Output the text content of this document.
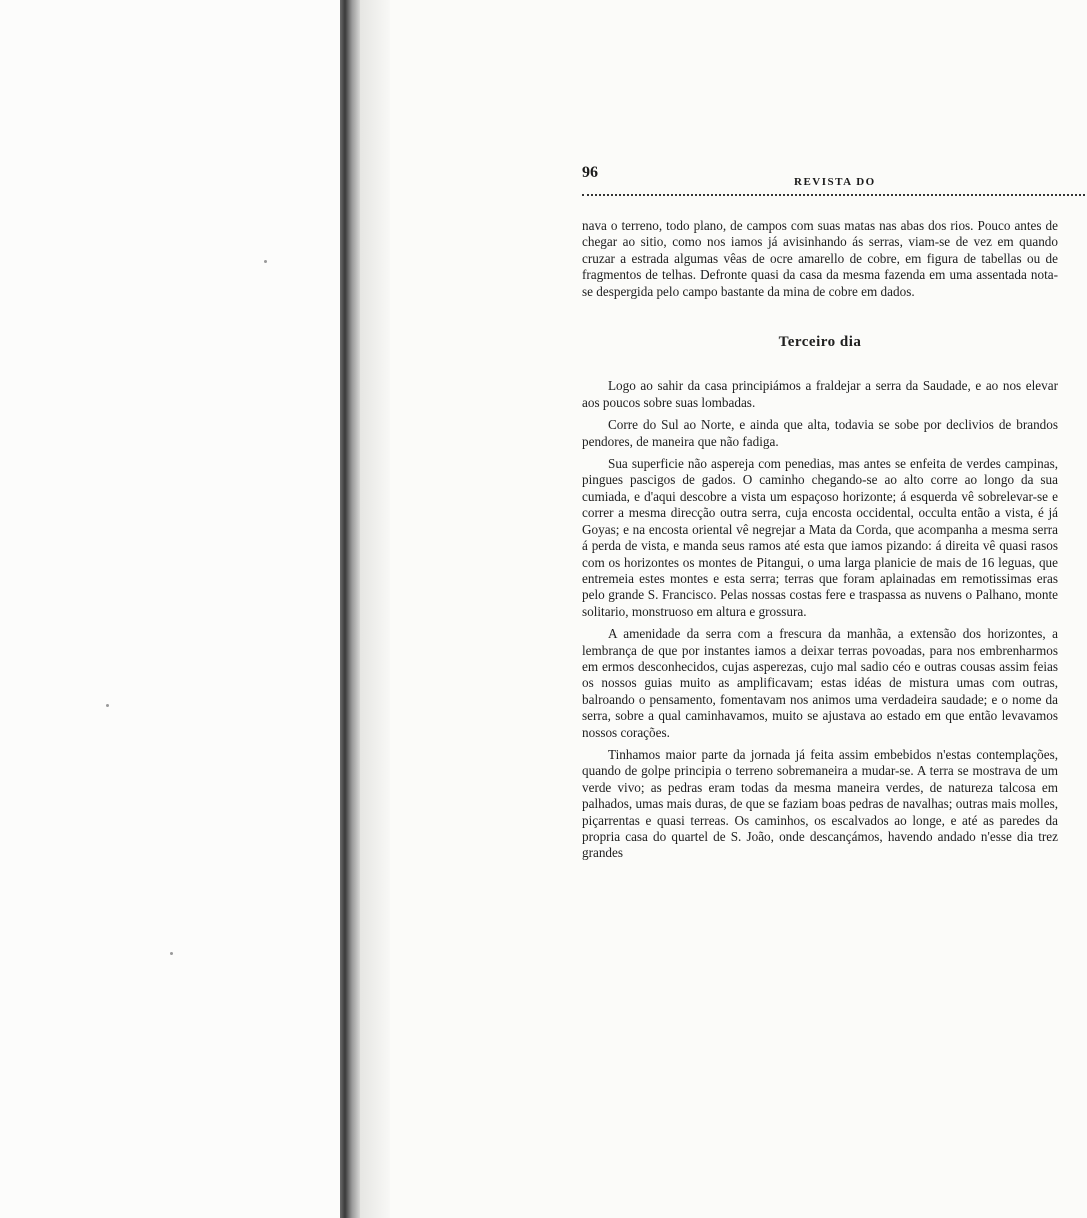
96
REVISTA DO

nava o terreno, todo plano, de campos com suas matas nas abas dos rios. Pouco antes de chegar ao sitio, como nos iamos já avisinhando ás serras, viam-se de vez em quando cruzar a estrada algumas vêas de ocre amarello de cobre, em figura de tabellas ou de fragmentos de telhas. Defronte quasi da casa da mesma fazenda em uma assentada nota-se despergida pelo campo bastante da mina de cobre em dados.

Terceiro dia

Logo ao sahir da casa principiámos a fraldejar a serra da Saudade, e ao nos elevar aos poucos sobre suas lombadas.

Corre do Sul ao Norte, e ainda que alta, todavia se sobe por declivios de brandos pendores, de maneira que não fadiga.

Sua superficie não aspereja com penedias, mas antes se enfeita de verdes campinas, pingues pascigos de gados. O caminho chegando-se ao alto corre ao longo da sua cumiada, e d'aqui descobre a vista um espaçoso horizonte; á esquerda vê sobrelevar-se e correr a mesma direcção outra serra, cuja encosta occidental, occulta então a vista, é já Goyas; e na encosta oriental vê negrejar a Mata da Corda, que acompanha a mesma serra á perda de vista, e manda seus ramos até esta que iamos pizando: á direita vê quasi rasos com os horizontes os montes de Pitangui, o uma larga planicie de mais de 16 leguas, que entremeia estes montes e esta serra; terras que foram aplainadas em remotissimas eras pelo grande S. Francisco. Pelas nossas costas fere e traspassa as nuvens o Palhano, monte solitario, monstruoso em altura e grossura.

A amenidade da serra com a frescura da manhãa, a extensão dos horizontes, a lembrança de que por instantes iamos a deixar terras povoadas, para nos embrenharmos em ermos desconhecidos, cujas asperezas, cujo mal sadio céo e outras cousas assim feias os nossos guias muito as amplificavam; estas idéas de mistura umas com outras, balroando o pensamento, fomentavam nos animos uma verdadeira saudade; e o nome da serra, sobre a qual caminhavamos, muito se ajustava ao estado em que então levavamos nossos corações.

Tinhamos maior parte da jornada já feita assim embebidos n'estas contemplações, quando de golpe principia o terreno sobremaneira a mudar-se. A terra se mostrava de um verde vivo; as pedras eram todas da mesma maneira verdes, de natureza talcosa em palhados, umas mais duras, de que se faziam boas pedras de navalhas; outras mais molles, piçarrentas e quasi terreas. Os caminhos, os escalvados ao longe, e até as paredes da propria casa do quartel de S. João, onde descançámos, havendo andado n'esse dia trez grandes
